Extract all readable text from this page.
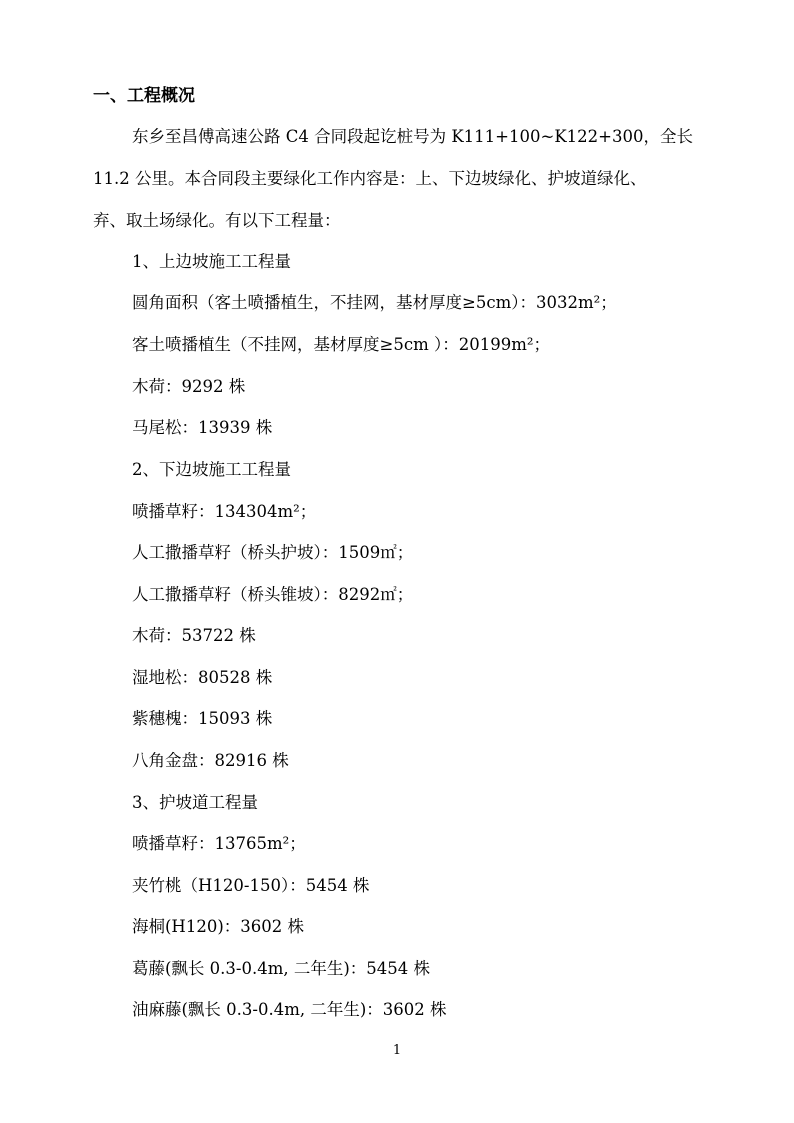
一、工程概况
东乡至昌傅高速公路 C4 合同段起讫桩号为 K111+100~K122+300，全长
11.2 公里。本合同段主要绿化工作内容是：上、下边坡绿化、护坡道绿化、
弃、取土场绿化。有以下工程量：
1、上边坡施工工程量
圆角面积（客土喷播植生，不挂网，基材厚度≥5cm）：3032m²；
客土喷播植生（不挂网，基材厚度≥5cm ）：20199m²；
木荷：9292 株
马尾松：13939 株
2、下边坡施工工程量
喷播草籽：134304m²；
人工撒播草籽（桥头护坡）：1509㎡；
人工撒播草籽（桥头锥坡）：8292㎡；
木荷：53722 株
湿地松：80528 株
紫穗槐：15093 株
八角金盘：82916 株
3、护坡道工程量
喷播草籽：13765m²；
夹竹桃（H120-150）：5454 株
海桐(H120)：3602 株
葛藤(飘长 0.3-0.4m, 二年生)：5454 株
油麻藤(飘长 0.3-0.4m, 二年生)：3602 株
1
